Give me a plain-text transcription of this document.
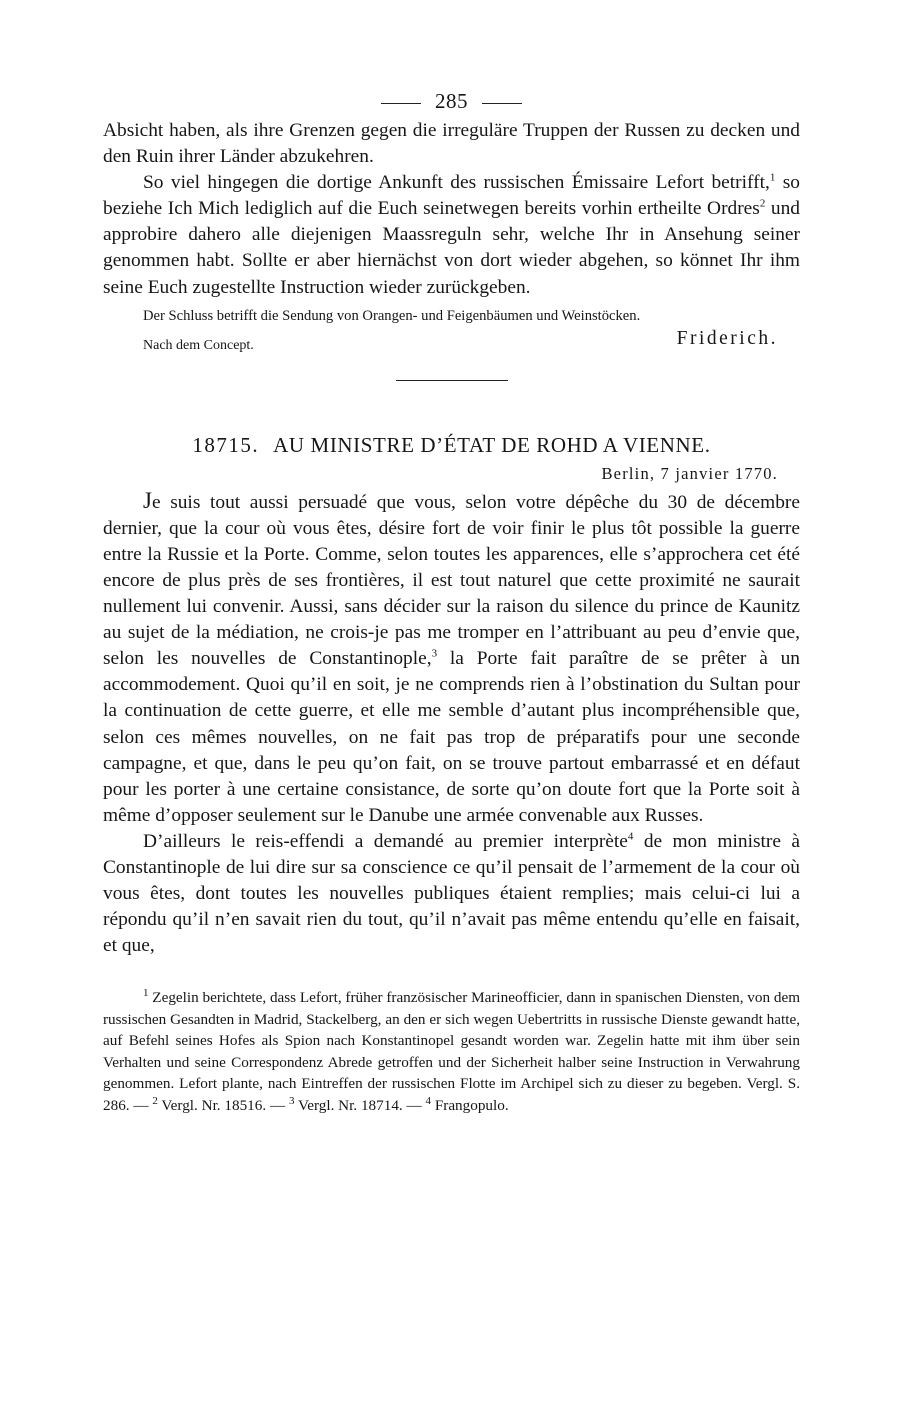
285

Absicht haben, als ihre Grenzen gegen die irreguläre Truppen der Russen zu decken und den Ruin ihrer Länder abzukehren.

So viel hingegen die dortige Ankunft des russischen Émissaire Lefort betrifft,$^1$ so beziehe Ich Mich lediglich auf die Euch seinetwegen bereits vorhin ertheilte Ordres$^2$ und approbire dahero alle diejenigen Maassreguln sehr, welche Ihr in Ansehung seiner genommen habt. Sollte er aber hiernächst von dort wieder abgehen, so könnet Ihr ihm seine Euch zugestellte Instruction wieder zurückgeben.

Der Schluss betrifft die Sendung von Orangen- und Feigenbäumen und Weinstöcken.

Nach dem Concept.	Friderich.
18715. AU MINISTRE D’ÉTAT DE ROHD A VIENNE.
Berlin, 7 janvier 1770.

Je suis tout aussi persuadé que vous, selon votre dépêche du 30 de décembre dernier, que la cour où vous êtes, désire fort de voir finir le plus tôt possible la guerre entre la Russie et la Porte. Comme, selon toutes les apparences, elle s’approchera cet été encore de plus près de ses frontières, il est tout naturel que cette proximité ne saurait nullement lui convenir. Aussi, sans décider sur la raison du silence du prince de Kaunitz au sujet de la médiation, ne crois-je pas me tromper en l’attribuant au peu d’envie que, selon les nouvelles de Constantinople,$^3$ la Porte fait paraître de se prêter à un accommodement. Quoi qu’il en soit, je ne comprends rien à l’obstination du Sultan pour la continuation de cette guerre, et elle me semble d’autant plus incompréhensible que, selon ces mêmes nouvelles, on ne fait pas trop de préparatifs pour une seconde campagne, et que, dans le peu qu’on fait, on se trouve partout embarrassé et en défaut pour les porter à une certaine consistance, de sorte qu’on doute fort que la Porte soit à même d’opposer seulement sur le Danube une armée convenable aux Russes.

D’ailleurs le reis-effendi a demandé au premier interprète$^4$ de mon ministre à Constantinople de lui dire sur sa conscience ce qu’il pensait de l’armement de la cour où vous êtes, dont toutes les nouvelles publiques étaient remplies; mais celui-ci lui a répondu qu’il n’en savait rien du tout, qu’il n’avait pas même entendu qu’elle en faisait, et que,

$^1$ Zegelin berichtete, dass Lefort, früher französischer Marineofficier, dann in spanischen Diensten, von dem russischen Gesandten in Madrid, Stackelberg, an den er sich wegen Uebertritts in russische Dienste gewandt hatte, auf Befehl seines Hofes als Spion nach Konstantinopel gesandt worden war. Zegelin hatte mit ihm über sein Verhalten und seine Correspondenz Abrede getroffen und der Sicherheit halber seine Instruction in Verwahrung genommen. Lefort plante, nach Eintreffen der russischen Flotte im Archipel sich zu dieser zu begeben. Vergl. S. 286. — $^2$ Vergl. Nr. 18516. — $^3$ Vergl. Nr. 18714. — $^4$ Frangopulo.
